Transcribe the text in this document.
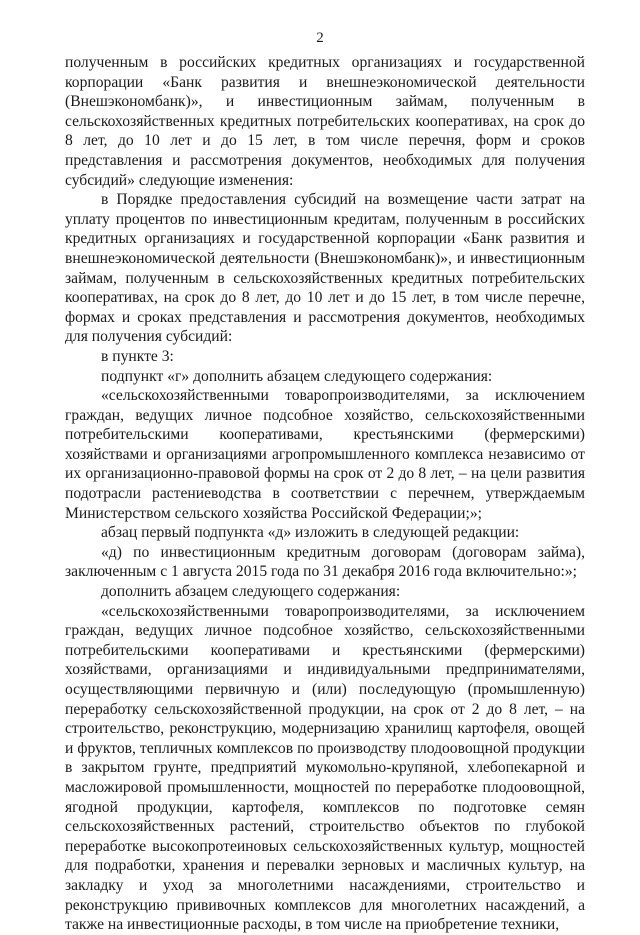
2

полученным в российских кредитных организациях и государственной корпорации «Банк развития и внешнеэкономической деятельности (Внешэкономбанк)», и инвестиционным займам, полученным в сельскохозяйственных кредитных потребительских кооперативах, на срок до 8 лет, до 10 лет и до 15 лет, в том числе перечня, форм и сроков представления и рассмотрения документов, необходимых для получения субсидий» следующие изменения:

в Порядке предоставления субсидий на возмещение части затрат на уплату процентов по инвестиционным кредитам, полученным в российских кредитных организациях и государственной корпорации «Банк развития и внешнеэкономической деятельности (Внешэкономбанк)», и инвестиционным займам, полученным в сельскохозяйственных кредитных потребительских кооперативах, на срок до 8 лет, до 10 лет и до 15 лет, в том числе перечне, формах и сроках представления и рассмотрения документов, необходимых для получения субсидий:

в пункте 3:

подпункт «г» дополнить абзацем следующего содержания:

«сельскохозяйственными товаропроизводителями, за исключением граждан, ведущих личное подсобное хозяйство, сельскохозяйственными потребительскими кооперативами, крестьянскими (фермерскими) хозяйствами и организациями агропромышленного комплекса независимо от их организационно-правовой формы на срок от 2 до 8 лет, – на цели развития подотрасли растениеводства в соответствии с перечнем, утверждаемым Министерством сельского хозяйства Российской Федерации;»;

абзац первый подпункта «д» изложить в следующей редакции:

«д) по инвестиционным кредитным договорам (договорам займа), заключенным с 1 августа 2015 года по 31 декабря 2016 года включительно:»;

дополнить абзацем следующего содержания:

«сельскохозяйственными товаропроизводителями, за исключением граждан, ведущих личное подсобное хозяйство, сельскохозяйственными потребительскими кооперативами и крестьянскими (фермерскими) хозяйствами, организациями и индивидуальными предпринимателями, осуществляющими первичную и (или) последующую (промышленную) переработку сельскохозяйственной продукции, на срок от 2 до 8 лет, – на строительство, реконструкцию, модернизацию хранилищ картофеля, овощей и фруктов, тепличных комплексов по производству плодоовощной продукции в закрытом грунте, предприятий мукомольно-крупяной, хлебопекарной и масложировой промышленности, мощностей по переработке плодоовощной, ягодной продукции, картофеля, комплексов по подготовке семян сельскохозяйственных растений, строительство объектов по глубокой переработке высокопротеиновых сельскохозяйственных культур, мощностей для подработки, хранения и перевалки зерновых и масличных культур, на закладку и уход за многолетними насаждениями, строительство и реконструкцию прививочных комплексов для многолетних насаждений, а также на инвестиционные расходы, в том числе на приобретение техники,
